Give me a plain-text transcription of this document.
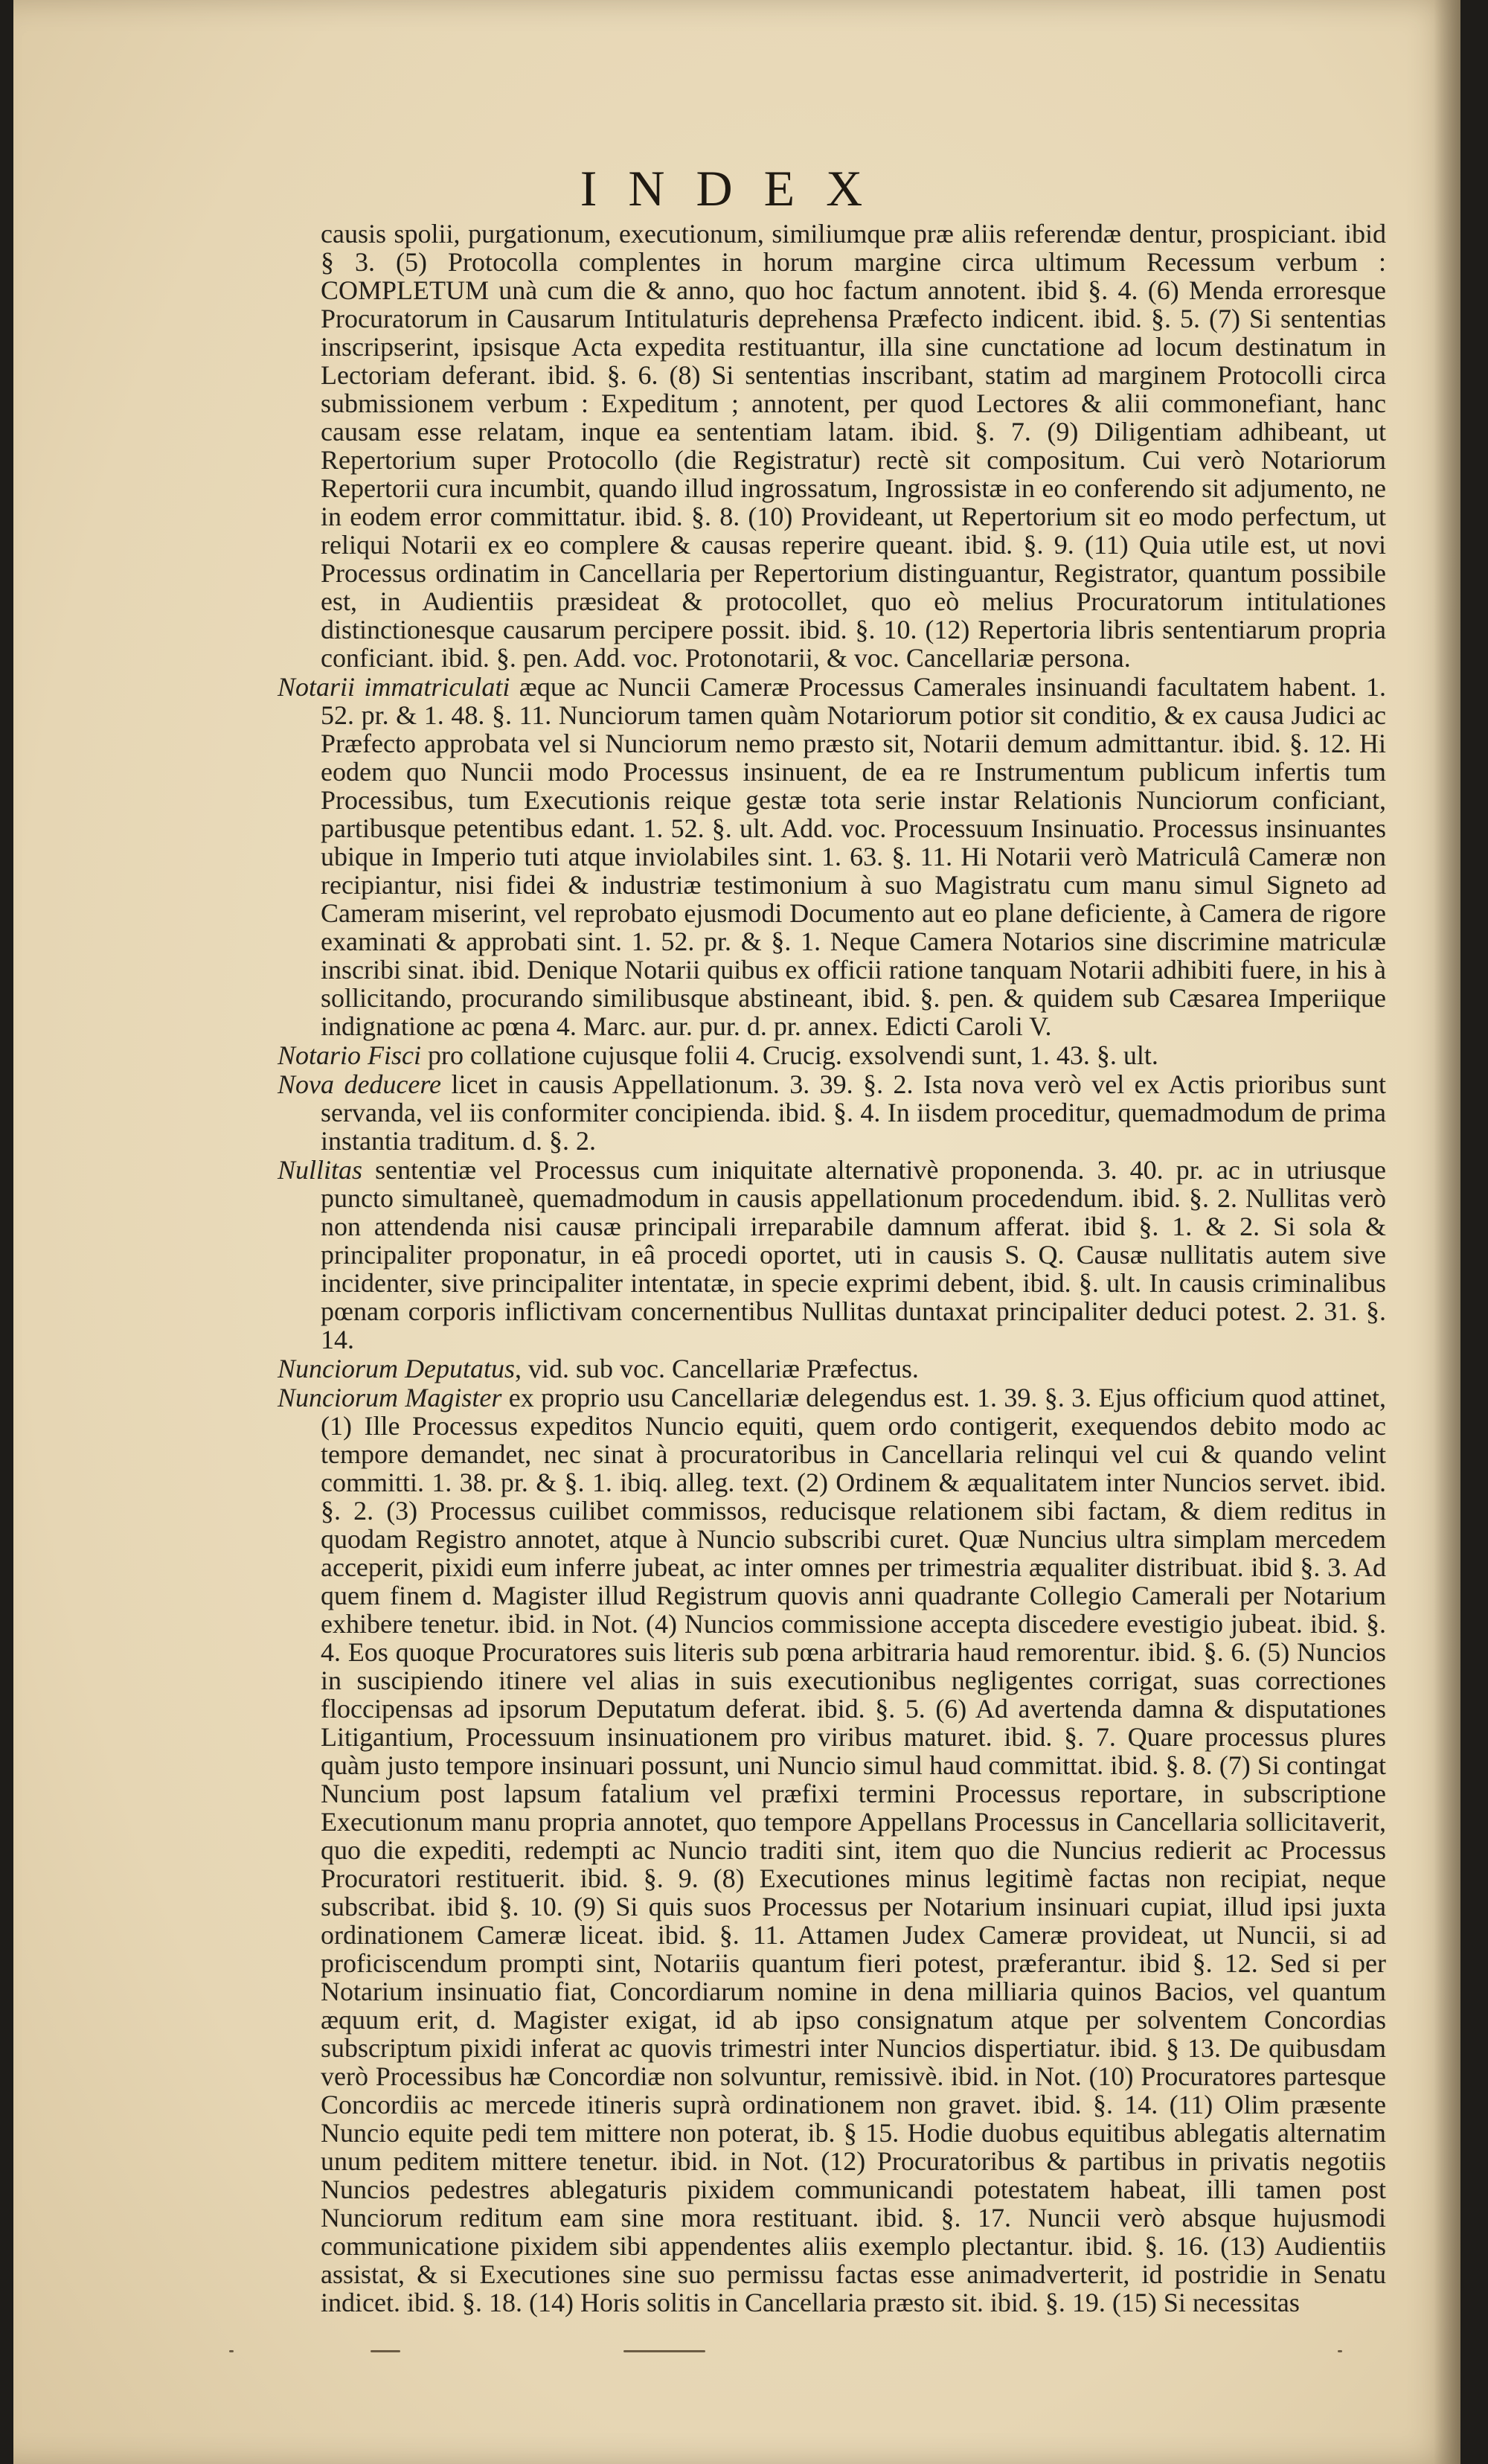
INDEX

causis spolii, purgationum, executionum, similiumque præ aliis referendæ dentur, prospiciant. ibid § 3. (5) Protocolla complentes in horum margine circa ultimum Recessum verbum : COMPLETUM unà cum die & anno, quo hoc factum annotent. ibid §. 4. (6) Menda erroresque Procuratorum in Causarum Intitulaturis deprehensa Præfecto indicent. ibid. §. 5. (7) Si sententias inscripserint, ipsisque Acta expedita restituantur, illa sine cunctatione ad locum destinatum in Lectoriam deferant. ibid. §. 6. (8) Si sententias inscribant, statim ad marginem Protocolli circa submissionem verbum : Expeditum ; annotent, per quod Lectores & alii commonefiant, hanc causam esse relatam, inque ea sententiam latam. ibid. §. 7. (9) Diligentiam adhibeant, ut Repertorium super Protocollo (die Registratur) rectè sit compositum. Cui verò Notariorum Repertorii cura incumbit, quando illud ingrossatum, Ingrossistæ in eo conferendo sit adjumento, ne in eodem error committatur. ibid. §. 8. (10) Provideant, ut Repertorium sit eo modo perfectum, ut reliqui Notarii ex eo complere & causas reperire queant. ibid. §. 9. (11) Quia utile est, ut novi Processus ordinatim in Cancellaria per Repertorium distinguantur, Registrator, quantum possibile est, in Audientiis præsideat & protocollet, quo eò melius Procuratorum intitulationes distinctionesque causarum percipere possit. ibid. §. 10. (12) Repertoria libris sententiarum propria conficiant. ibid. §. pen. Add. voc. Protonotarii, & voc. Cancellariæ persona.

Notarii immatriculati æque ac Nuncii Cameræ Processus Camerales insinuandi facultatem habent. 1. 52. pr. & 1. 48. §. 11. Nunciorum tamen quàm Notariorum potior sit conditio, & ex causa Judici ac Præfecto approbata vel si Nunciorum nemo præsto sit, Notarii demum admittantur. ibid. §. 12. Hi eodem quo Nuncii modo Processus insinuent, de ea re Instrumentum publicum infertis tum Processibus, tum Executionis reique gestæ tota serie instar Relationis Nunciorum conficiant, partibusque petentibus edant. 1. 52. §. ult. Add. voc. Processuum Insinuatio. Processus insinuantes ubique in Imperio tuti atque inviolabiles sint. 1. 63. §. 11. Hi Notarii verò Matriculâ Cameræ non recipiantur, nisi fidei & industriæ testimonium à suo Magistratu cum manu simul Signeto ad Cameram miserint, vel reprobato ejusmodi Documento aut eo plane deficiente, à Camera de rigore examinati & approbati sint. 1. 52. pr. & §. 1. Neque Camera Notarios sine discrimine matriculæ inscribi sinat. ibid. Denique Notarii quibus ex officii ratione tanquam Notarii adhibiti fuere, in his à sollicitando, procurando similibusque abstineant, ibid. §. pen. & quidem sub Cæsarea Imperiique indignatione ac pœna 4. Marc. aur. pur. d. pr. annex. Edicti Caroli V.

Notario Fisci pro collatione cujusque folii 4. Crucig. exsolvendi sunt, 1. 43. §. ult.

Nova deducere licet in causis Appellationum. 3. 39. §. 2. Ista nova verò vel ex Actis prioribus sunt servanda, vel iis conformiter concipienda. ibid. §. 4. In iisdem proceditur, quemadmodum de prima instantia traditum. d. §. 2.

Nullitas sententiæ vel Processus cum iniquitate alternativè proponenda. 3. 40. pr. ac in utriusque puncto simultaneè, quemadmodum in causis appellationum procedendum. ibid. §. 2. Nullitas verò non attendenda nisi causæ principali irreparabile damnum afferat. ibid §. 1. & 2. Si sola & principaliter proponatur, in eâ procedi oportet, uti in causis S. Q. Causæ nullitatis autem sive incidenter, sive principaliter intentatæ, in specie exprimi debent, ibid. §. ult. In causis criminalibus pœnam corporis inflictivam concernentibus Nullitas duntaxat principaliter deduci potest. 2. 31. §. 14.

Nunciorum Deputatus, vid. sub voc. Cancellariæ Præfectus.

Nunciorum Magister ex proprio usu Cancellariæ delegendus est. 1. 39. §. 3. Ejus officium quod attinet, (1) Ille Processus expeditos Nuncio equiti, quem ordo contigerit, exequendos debito modo ac tempore demandet, nec sinat à procuratoribus in Cancellaria relinqui vel cui & quando velint committi. 1. 38. pr. & §. 1. ibiq. alleg. text. (2) Ordinem & æqualitatem inter Nuncios servet. ibid. §. 2. (3) Processus cuilibet commissos, reducisque relationem sibi factam, & diem reditus in quodam Registro annotet, atque à Nuncio subscribi curet. Quæ Nuncius ultra simplam mercedem acceperit, pixidi eum inferre jubeat, ac inter omnes per trimestria æqualiter distribuat. ibid §. 3. Ad quem finem d. Magister illud Registrum quovis anni quadrante Collegio Camerali per Notarium exhibere tenetur. ibid. in Not. (4) Nuncios commissione accepta discedere evestigio jubeat. ibid. §. 4. Eos quoque Procuratores suis literis sub pœna arbitraria haud remorentur. ibid. §. 6. (5) Nuncios in suscipiendo itinere vel alias in suis executionibus negligentes corrigat, suas correctiones floccipensas ad ipsorum Deputatum deferat. ibid. §. 5. (6) Ad avertenda damna & disputationes Litigantium, Processuum insinuationem pro viribus maturet. ibid. §. 7. Quare processus plures quàm justo tempore insinuari possunt, uni Nuncio simul haud committat. ibid. §. 8. (7) Si contingat Nuncium post lapsum fatalium vel præfixi termini Processus reportare, in subscriptione Executionum manu propria annotet, quo tempore Appellans Processus in Cancellaria sollicitaverit, quo die expediti, redempti ac Nuncio traditi sint, item quo die Nuncius redierit ac Processus Procuratori restituerit. ibid. §. 9. (8) Executiones minus legitimè factas non recipiat, neque subscribat. ibid §. 10. (9) Si quis suos Processus per Notarium insinuari cupiat, illud ipsi juxta ordinationem Cameræ liceat. ibid. §. 11. Attamen Judex Cameræ provideat, ut Nuncii, si ad proficiscendum prompti sint, Notariis quantum fieri potest, præferantur. ibid §. 12. Sed si per Notarium insinuatio fiat, Concordiarum nomine in dena milliaria quinos Bacios, vel quantum æquum erit, d. Magister exigat, id ab ipso consignatum atque per solventem Concordias subscriptum pixidi inferat ac quovis trimestri inter Nuncios dispertiatur. ibid. § 13. De quibusdam verò Processibus hæ Concordiæ non solvuntur, remissivè. ibid. in Not. (10) Procuratores partesque Concordiis ac mercede itineris suprà ordinationem non gravet. ibid. §. 14. (11) Olim præsente Nuncio equite pedi tem mittere non poterat, ib. § 15. Hodie duobus equitibus ablegatis alternatim unum peditem mittere tenetur. ibid. in Not. (12) Procuratoribus & partibus in privatis negotiis Nuncios pedestres ablegaturis pixidem communicandi potestatem habeat, illi tamen post Nunciorum reditum eam sine mora restituant. ibid. §. 17. Nuncii verò absque hujusmodi communicatione pixidem sibi appendentes aliis exemplo plectantur. ibid. §. 16. (13) Audientiis assistat, & si Executiones sine suo permissu factas esse animadverterit, id postridie in Senatu indicet. ibid. §. 18. (14) Horis solitis in Cancellaria præsto sit. ibid. §. 19. (15) Si necessitas
